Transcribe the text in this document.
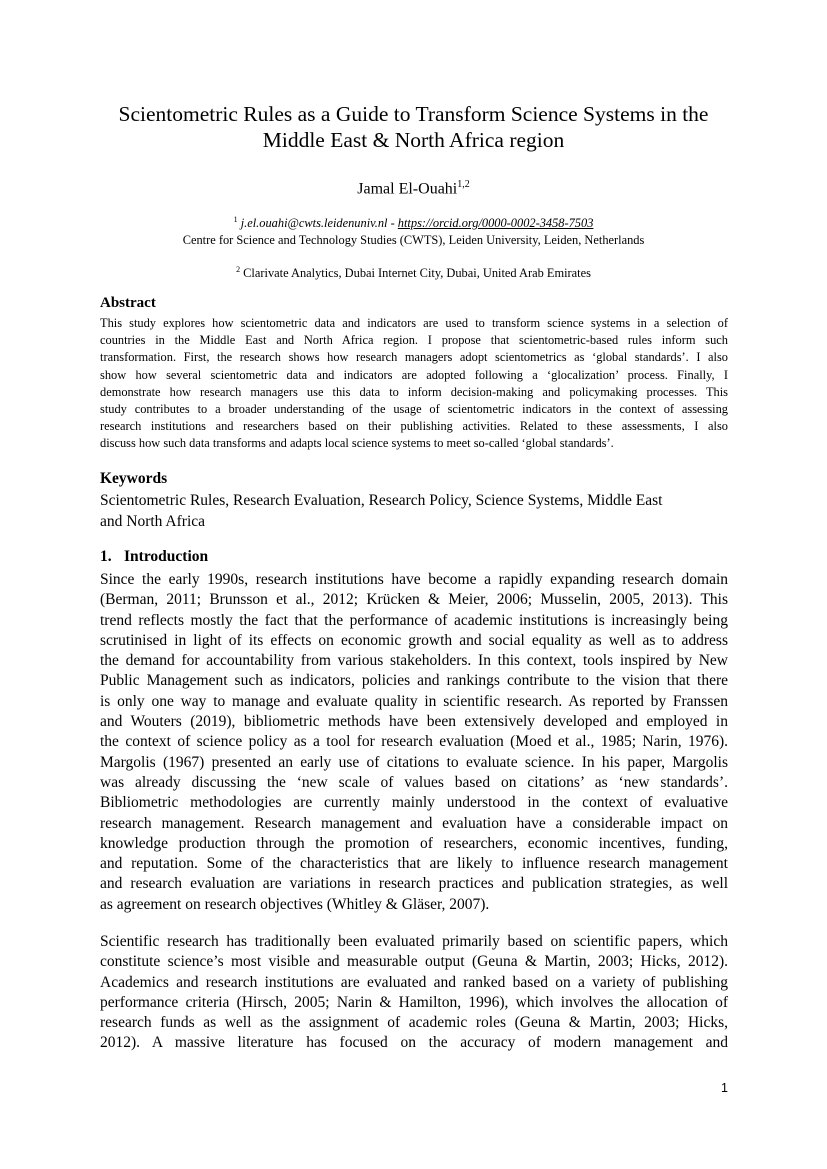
Scientometric Rules as a Guide to Transform Science Systems in the
Middle East & North Africa region
Jamal El-Ouahi$^{1,2}$
$^1$ j.el.ouahi@cwts.leidenuniv.nl - https://orcid.org/0000-0002-3458-7503
Centre for Science and Technology Studies (CWTS), Leiden University, Leiden, Netherlands
$^2$ Clarivate Analytics, Dubai Internet City, Dubai, United Arab Emirates
Abstract
This study explores how scientometric data and indicators are used to transform science systems in a selection of
countries in the Middle East and North Africa region. I propose that scientometric-based rules inform such
transformation. First, the research shows how research managers adopt scientometrics as ‘global standards’. I also
show how several scientometric data and indicators are adopted following a ‘glocalization’ process. Finally, I
demonstrate how research managers use this data to inform decision-making and policymaking processes. This
study contributes to a broader understanding of the usage of scientometric indicators in the context of assessing
research institutions and researchers based on their publishing activities. Related to these assessments, I also
discuss how such data transforms and adapts local science systems to meet so-called ‘global standards’.
Keywords
Scientometric Rules, Research Evaluation, Research Policy, Science Systems, Middle East
and North Africa
1. Introduction
Since the early 1990s, research institutions have become a rapidly expanding research domain
(Berman, 2011; Brunsson et al., 2012; Krücken & Meier, 2006; Musselin, 2005, 2013). This
trend reflects mostly the fact that the performance of academic institutions is increasingly being
scrutinised in light of its effects on economic growth and social equality as well as to address
the demand for accountability from various stakeholders. In this context, tools inspired by New
Public Management such as indicators, policies and rankings contribute to the vision that there
is only one way to manage and evaluate quality in scientific research. As reported by Franssen
and Wouters (2019), bibliometric methods have been extensively developed and employed in
the context of science policy as a tool for research evaluation (Moed et al., 1985; Narin, 1976).
Margolis (1967) presented an early use of citations to evaluate science. In his paper, Margolis
was already discussing the ‘new scale of values based on citations’ as ‘new standards’.
Bibliometric methodologies are currently mainly understood in the context of evaluative
research management. Research management and evaluation have a considerable impact on
knowledge production through the promotion of researchers, economic incentives, funding,
and reputation. Some of the characteristics that are likely to influence research management
and research evaluation are variations in research practices and publication strategies, as well
as agreement on research objectives (Whitley & Gläser, 2007).
Scientific research has traditionally been evaluated primarily based on scientific papers, which
constitute science’s most visible and measurable output (Geuna & Martin, 2003; Hicks, 2012).
Academics and research institutions are evaluated and ranked based on a variety of publishing
performance criteria (Hirsch, 2005; Narin & Hamilton, 1996), which involves the allocation of
research funds as well as the assignment of academic roles (Geuna & Martin, 2003; Hicks,
2012). A massive literature has focused on the accuracy of modern management and
1
